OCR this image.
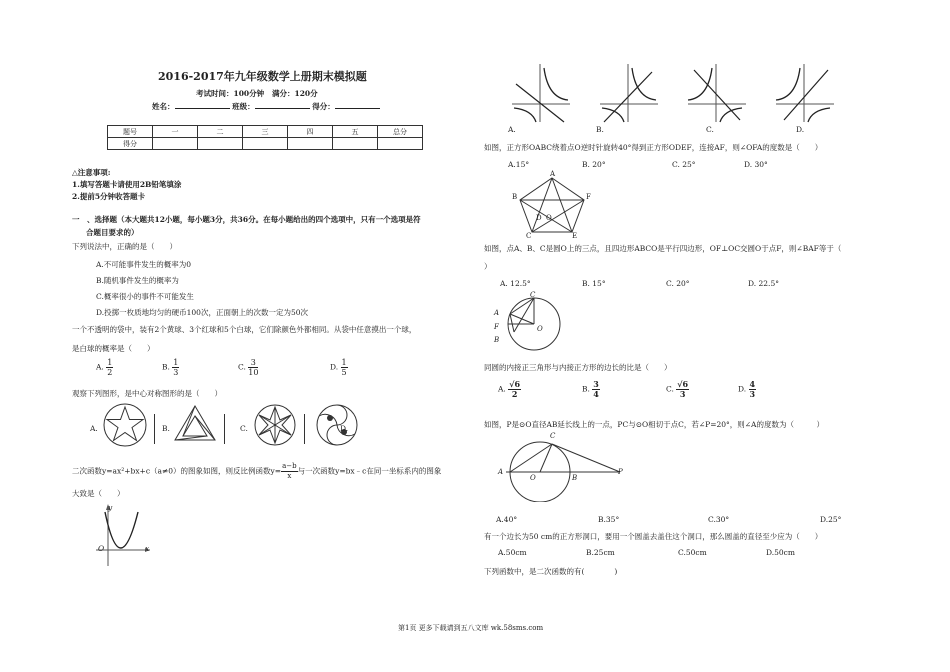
2016-2017年九年级数学上册期末模拟题
考试时间：100分钟 满分：120分
姓名：	班级：	得分：
题号	一	二	三	四	五	总分
得分						
△注意事项:
1.填写答题卡请使用2B铅笔填涂
2.提前5分钟收答题卡
一　、选择题（本大题共12小题，每小题3分，共36分。在每小题给出的四个选项中，只有一个选项是符
合题目要求的）
下列说法中，正确的是（　　）
A.不可能事件发生的概率为0
B.随机事件发生的概率为
C.概率很小的事件不可能发生
D.投掷一枚质地均匀的硬币100次，正面朝上的次数一定为50次
一个不透明的袋中，装有2个黄球、3个红球和5个白球，它们除颜色外都相同。从袋中任意摸出一个球，
是白球的概率是（　　）
A. $\frac{1}{2}$	B. $\frac{1}{3}$	C. $\frac{3}{10}$	D. $\frac{1}{5}$
观察下列图形，是中心对称图形的是（　　）
A.	B.	C.	D.
二次函数y=ax²+bx+c（a≠0）的图象如图，则反比例函数$y= \frac{a-b}{x}$ 与一次函数y=bx﹣c在同一坐标系内的图象
大致是（　　）
y
x
O
A.	B.	C.	D.
如图，正方形OABC绕着点O逆时针旋转40°得到正方形ODEF，连接AF，则∠OFA的度数是（　　）
A.15°	B. 20°	C. 25°	D. 30°
A
F
B
O
C	E
D
如图，点A、B、C是圆O上的三点，且四边形ABCO是平行四边形，OF⊥OC交圆O于点F，则∠BAF等于（
）
A. 12.5°	B. 15°	C. 20°	D. 22.5°
A
C
F
B
O
同圆的内接正三角形与内接正方形的边长的比是（　　）
A. $\frac{√6}{2}$	B. $\frac{3}{4}$	C. $\frac{√6}{3}$	D. $\frac{4}{3}$
如图，P是⊙O直径AB延长线上的一点，PC与⊙O相切于点C，若∠P=20°，则∠A的度数为（　　　）
A
O	B
C
P
A.40°	B.35°	C.30°	D.25°
有一个边长为50 cm的正方形洞口，要用一个圆盖去盖住这个洞口，那么圆盖的直径至少应为（　　）
A.50cm	B.25cm	C.50cm	D.50cm
下列函数中，是二次函数的有(　　　　)
第1页 更多下载请到五八文库 wk.58sms.com
